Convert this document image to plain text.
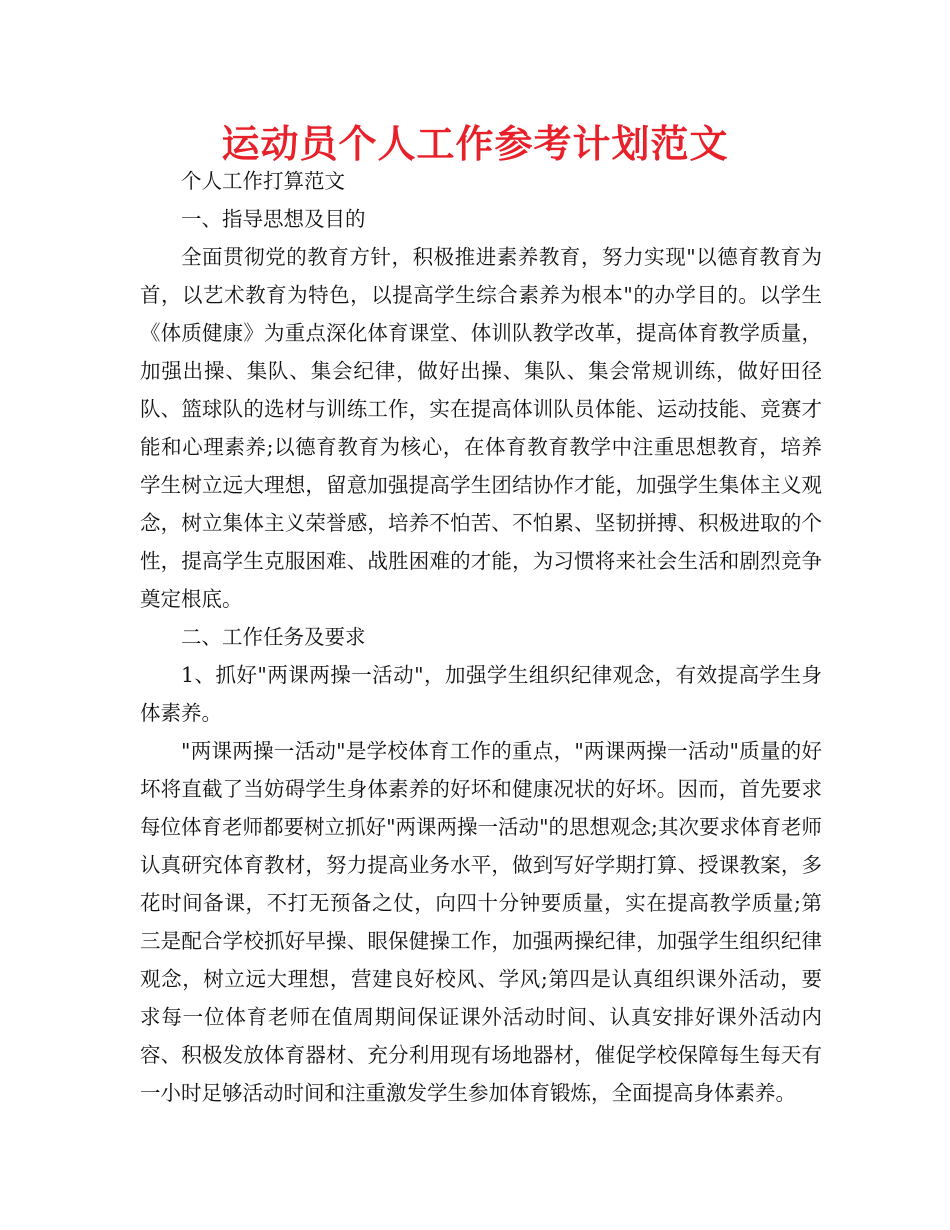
运动员个人工作参考计划范文

个人工作打算范文

一、指导思想及目的

全面贯彻党的教育方针，积极推进素养教育，努力实现"以德育教育为首，以艺术教育为特色，以提高学生综合素养为根本"的办学目的。以学生《体质健康》为重点深化体育课堂、体训队教学改革，提高体育教学质量，加强出操、集队、集会纪律，做好出操、集队、集会常规训练，做好田径队、篮球队的选材与训练工作，实在提高体训队员体能、运动技能、竞赛才能和心理素养;以德育教育为核心，在体育教育教学中注重思想教育，培养学生树立远大理想，留意加强提高学生团结协作才能，加强学生集体主义观念，树立集体主义荣誉感，培养不怕苦、不怕累、坚韧拼搏、积极进取的个性，提高学生克服困难、战胜困难的才能，为习惯将来社会生活和剧烈竞争奠定根底。

二、工作任务及要求

1、抓好"两课两操一活动"，加强学生组织纪律观念，有效提高学生身体素养。

"两课两操一活动"是学校体育工作的重点，"两课两操一活动"质量的好坏将直截了当妨碍学生身体素养的好坏和健康况状的好坏。因而，首先要求每位体育老师都要树立抓好"两课两操一活动"的思想观念;其次要求体育老师认真研究体育教材，努力提高业务水平，做到写好学期打算、授课教案，多花时间备课，不打无预备之仗，向四十分钟要质量，实在提高教学质量;第三是配合学校抓好早操、眼保健操工作，加强两操纪律，加强学生组织纪律观念，树立远大理想，营建良好校风、学风;第四是认真组织课外活动，要求每一位体育老师在值周期间保证课外活动时间、认真安排好课外活动内容、积极发放体育器材、充分利用现有场地器材，催促学校保障每生每天有一小时足够活动时间和注重激发学生参加体育锻炼，全面提高身体素养。
